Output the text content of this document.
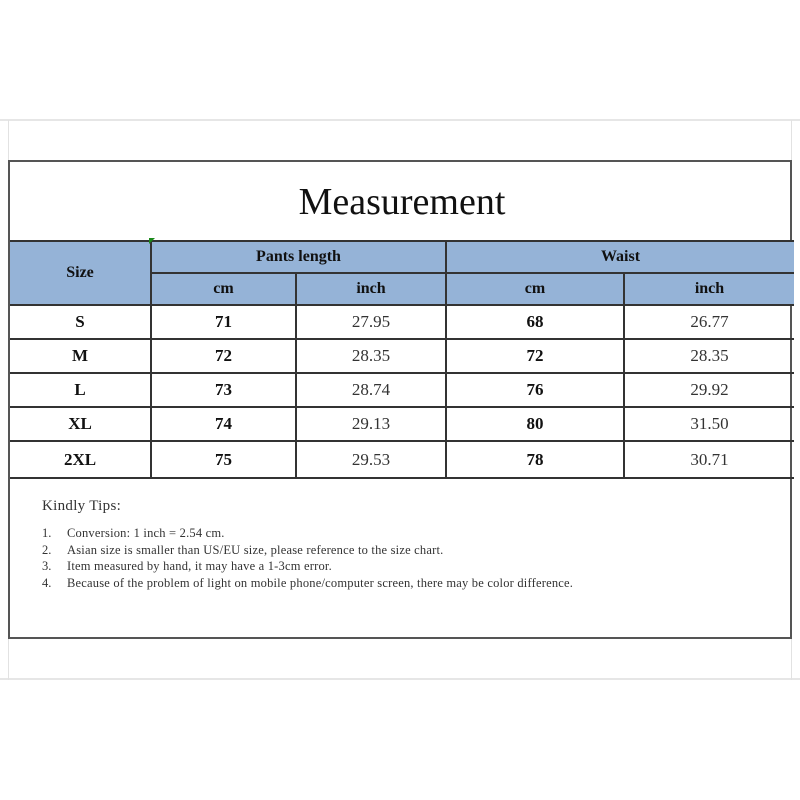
Measurement				
Size	Pants length		Waist	
	cm	inch	cm	inch
S	71	27.95	68	26.77
M	72	28.35	72	28.35
L	73	28.74	76	29.92
XL	74	29.13	80	31.50
2XL	75	29.53	78	30.71
Kindly Tips:
1.	Conversion: 1 inch = 2.54 cm.
2.	Asian size is smaller than US/EU size, please reference to the size chart.
3.	Item measured by hand, it may have a 1-3cm error.
4.	Because of the problem of light on mobile phone/computer screen, there may be color difference.
